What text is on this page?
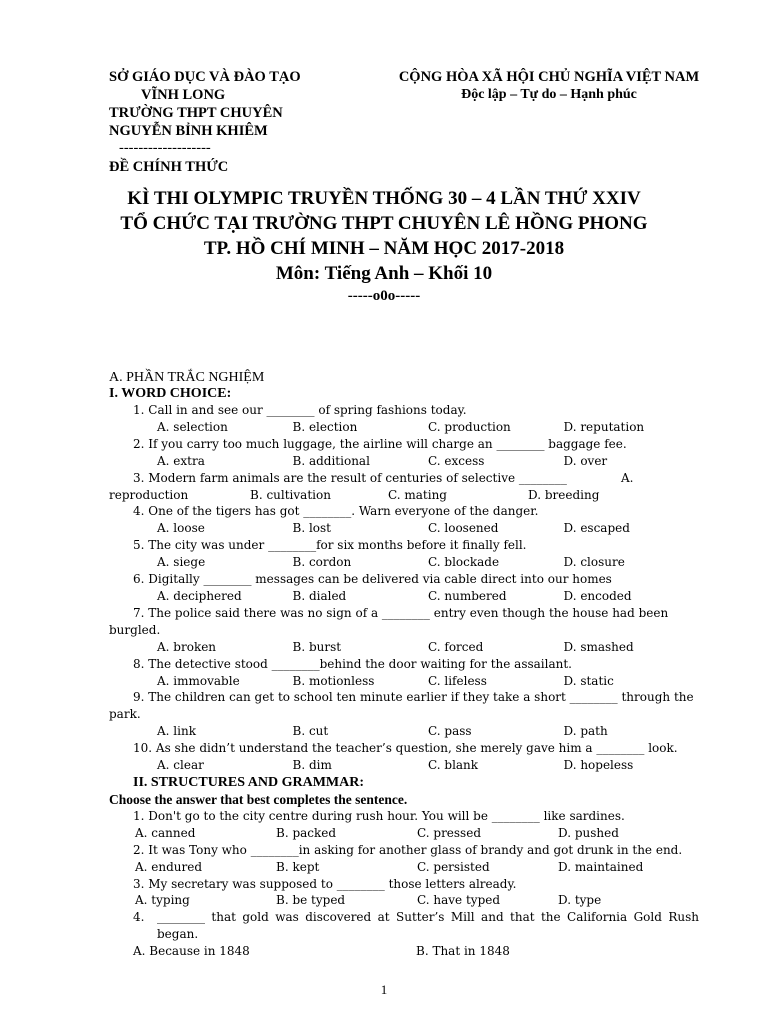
SỞ GIÁO DỤC VÀ ĐÀO TẠO
VĨNH LONG
TRƯỜNG THPT CHUYÊN
NGUYỄN BỈNH KHIÊM
-------------------
ĐỀ CHÍNH THỨC
CỘNG HÒA XÃ HỘI CHỦ NGHĨA VIỆT NAM
Độc lập – Tự do – Hạnh phúc
KÌ THI OLYMPIC TRUYỀN THỐNG 30 – 4 LẦN THỨ XXIV
TỔ CHỨC TẠI TRƯỜNG THPT CHUYÊN LÊ HỒNG PHONG
TP. HỒ CHÍ MINH – NĂM HỌC 2017-2018
Môn: Tiếng Anh – Khối 10
-----o0o-----
A. PHẦN TRẮC NGHIỆM
I. WORD CHOICE:
1. Call in and see our ________ of spring fashions today.
A. selection	B. election	C. production	D. reputation
2. If you carry too much luggage, the airline will charge an ________ baggage fee.
A. extra	B. additional	C. excess	D. over
3. Modern farm animals are the result of centuries of selective ________	A.
reproduction	B. cultivation	C. mating	D. breeding
4. One of the tigers has got ________. Warn everyone of the danger.
A. loose	B. lost	C. loosened	D. escaped
5. The city was under ________for six months before it finally fell.
A. siege	B. cordon	C. blockade	D. closure
6. Digitally ________ messages can be delivered via cable direct into our homes
A. deciphered	B. dialed	C. numbered	D. encoded
7. The police said there was no sign of a ________ entry even though the house had been burgled.
A. broken	B. burst	C. forced	D. smashed
8. The detective stood ________behind the door waiting for the assailant.
A. immovable	B. motionless	C. lifeless	D. static
9. The children can get to school ten minute earlier if they take a short ________ through the park.
A. link	B. cut	C. pass	D. path
10. As she didn’t understand the teacher’s question, she merely gave him a ________ look.
A. clear	B. dim	C. blank	D. hopeless
II. STRUCTURES AND GRAMMAR:
Choose the answer that best completes the sentence.
1. Don't go to the city centre during rush hour. You will be ________ like sardines.
A. canned	B. packed	C. pressed	D. pushed
2. It was Tony who ________in asking for another glass of brandy and got drunk in the end.
A. endured	B. kept	C. persisted	D. maintained
3. My secretary was supposed to ________ those letters already.
A. typing	B. be typed	C. have typed	D. type
4.	________ that gold was discovered at Sutter’s Mill and that the California Gold Rush began.
A. Because in 1848	B. That in 1848
1
